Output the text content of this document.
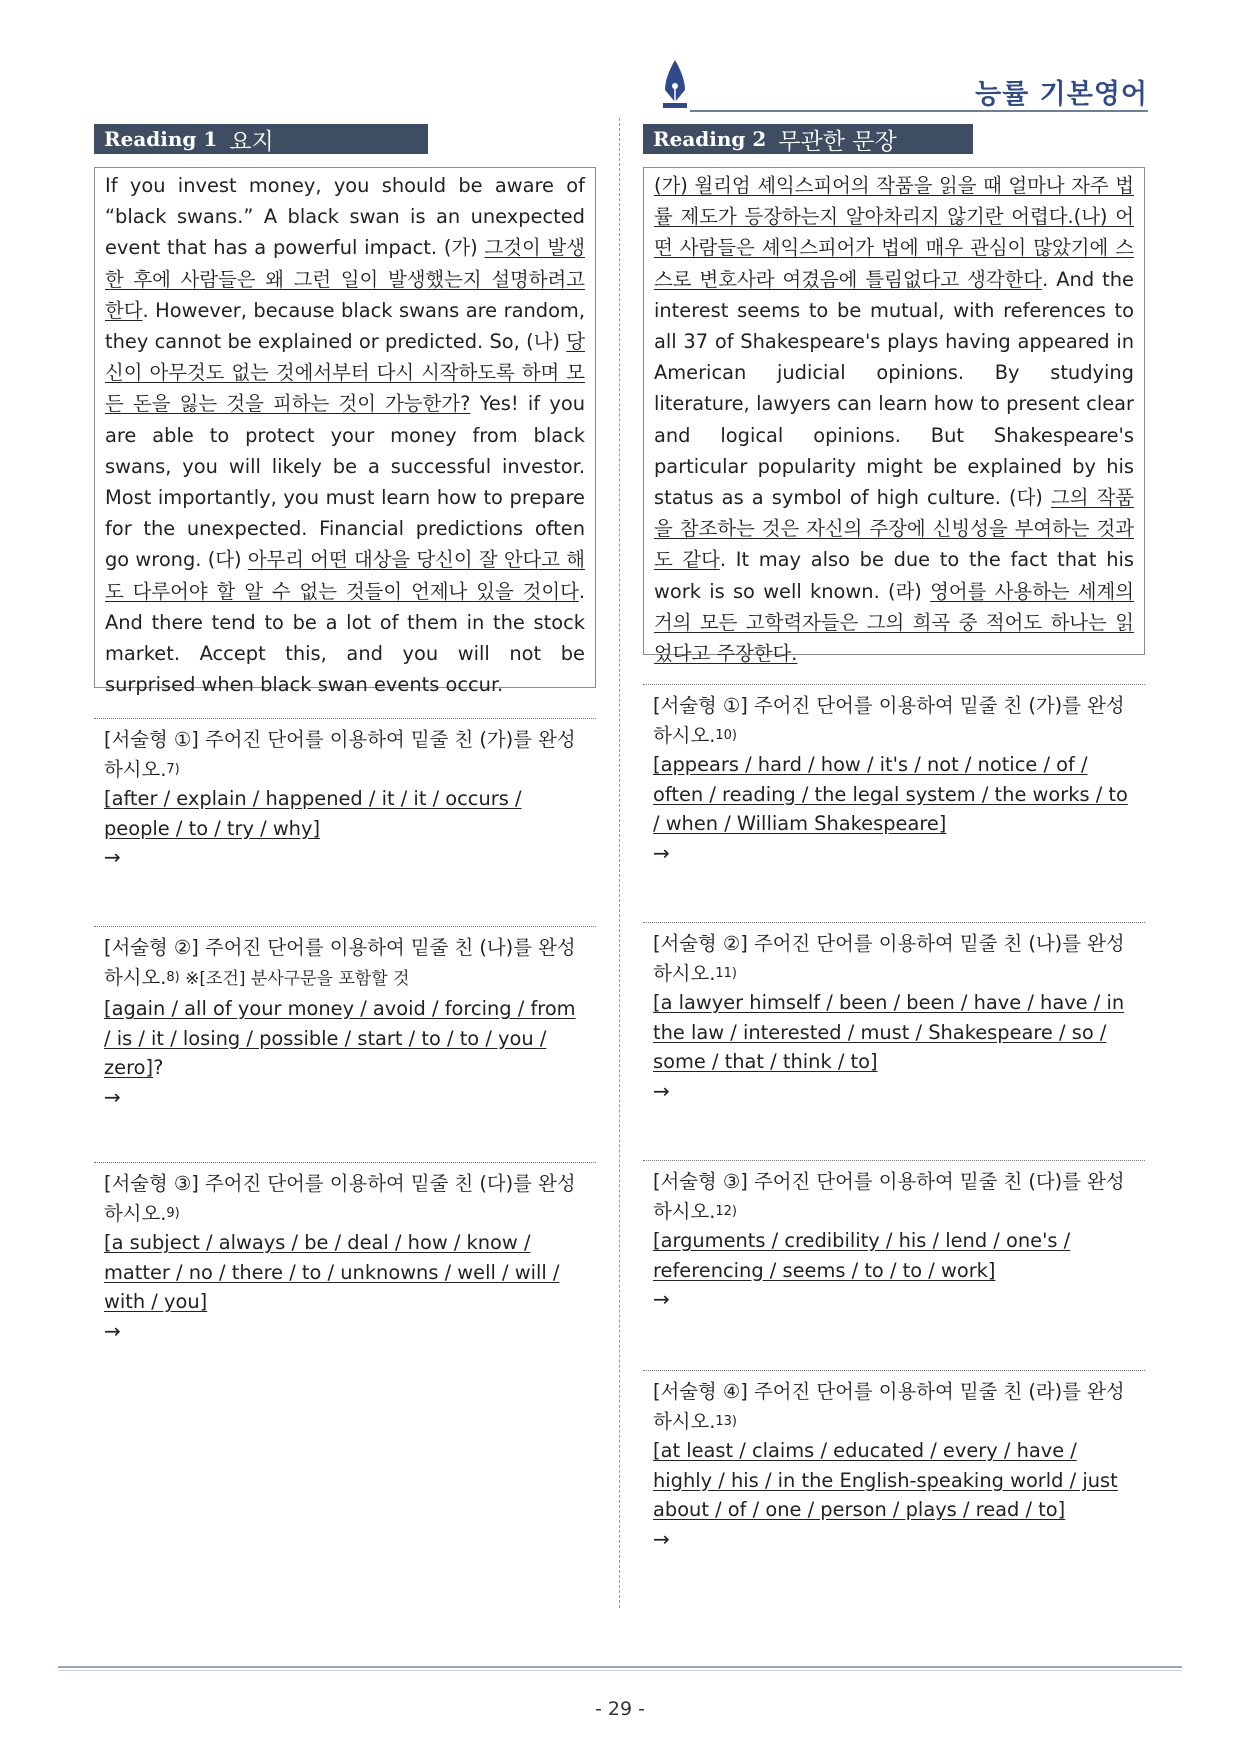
능률 기본영어
Reading 1 요지
If you invest money, you should be aware of “black swans.” A black swan is an unexpected event that has a powerful impact. (가) 그것이 발생한 후에 사람들은 왜 그런 일이 발생했는지 설명하려고 한다. However, because black swans are random, they cannot be explained or predicted. So, (나) 당신이 아무것도 없는 것에서부터 다시 시작하도록 하며 모든 돈을 잃는 것을 피하는 것이 가능한가? Yes! if you are able to protect your money from black swans, you will likely be a successful investor. Most importantly, you must learn how to prepare for the unexpected. Financial predictions often go wrong. (다) 아무리 어떤 대상을 당신이 잘 안다고 해도 다루어야 할 알 수 없는 것들이 언제나 있을 것이다. And there tend to be a lot of them in the stock market. Accept this, and you will not be surprised when black swan events occur.
[서술형 ①] 주어진 단어를 이용하여 밑줄 친 (가)를 완성하시오.7)
[after / explain / happened / it / it / occurs / people / to / try / why]
→
[서술형 ②] 주어진 단어를 이용하여 밑줄 친 (나)를 완성하시오.8) ※[조건] 분사구문을 포함할 것
[again / all of your money / avoid / forcing / from / is / it / losing / possible / start / to / to / you / zero]?
→
[서술형 ③] 주어진 단어를 이용하여 밑줄 친 (다)를 완성하시오.9)
[a subject / always / be / deal / how / know / matter / no / there / to / unknowns / well / will / with / you]
→
Reading 2 무관한 문장
(가) 윌리엄 셰익스피어의 작품을 읽을 때 얼마나 자주 법률 제도가 등장하는지 알아차리지 않기란 어렵다.(나) 어떤 사람들은 셰익스피어가 법에 매우 관심이 많았기에 스스로 변호사라 여겼음에 틀림없다고 생각한다. And the interest seems to be mutual, with references to all 37 of Shakespeare's plays having appeared in American judicial opinions. By studying literature, lawyers can learn how to present clear and logical opinions. But Shakespeare's particular popularity might be explained by his status as a symbol of high culture. (다) 그의 작품을 참조하는 것은 자신의 주장에 신빙성을 부여하는 것과도 같다. It may also be due to the fact that his work is so well known. (라) 영어를 사용하는 세계의 거의 모든 고학력자들은 그의 희곡 중 적어도 하나는 읽었다고 주장한다.
[서술형 ①] 주어진 단어를 이용하여 밑줄 친 (가)를 완성하시오.10)
[appears / hard / how / it's / not / notice / of / often / reading / the legal system / the works / to / when / William Shakespeare]
→
[서술형 ②] 주어진 단어를 이용하여 밑줄 친 (나)를 완성하시오.11)
[a lawyer himself / been / been / have / have / in the law / interested / must / Shakespeare / so / some / that / think / to]
→
[서술형 ③] 주어진 단어를 이용하여 밑줄 친 (다)를 완성하시오.12)
[arguments / credibility / his / lend / one's / referencing / seems / to / to / work]
→
[서술형 ④] 주어진 단어를 이용하여 밑줄 친 (라)를 완성하시오.13)
[at least / claims / educated / every / have / highly / his / in the English-speaking world / just about / of / one / person / plays / read / to]
→
- 29 -
